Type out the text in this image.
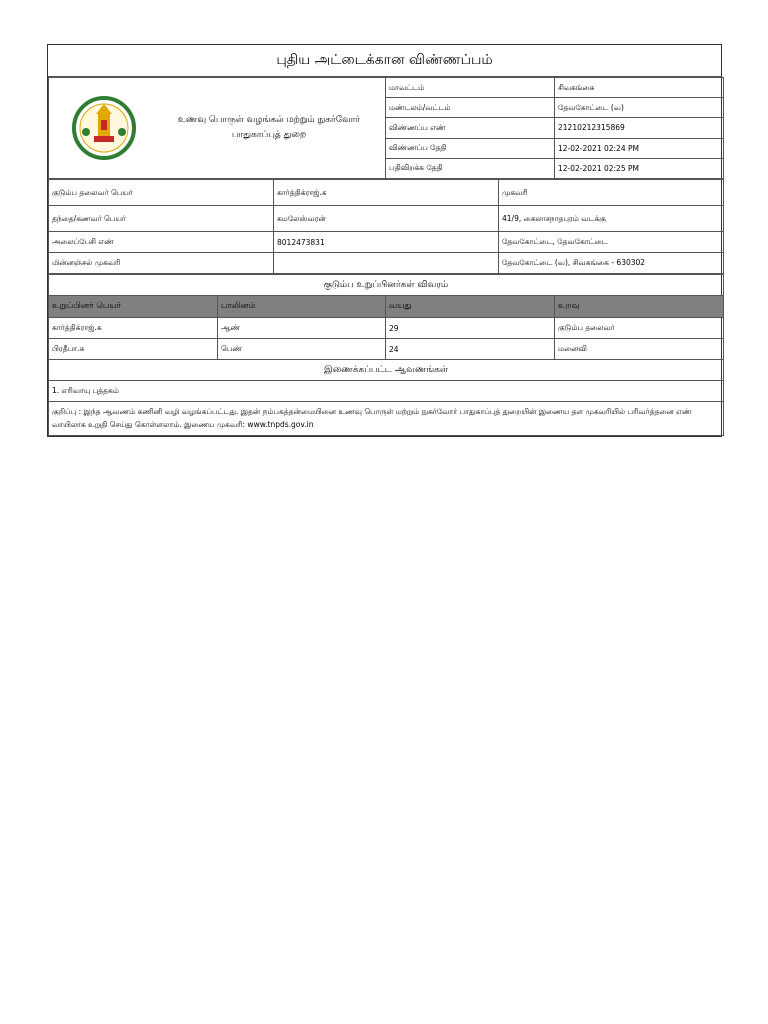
புதிய அட்டைக்கான விண்ணப்பம்
உணவு பொருள் வழங்கல் மற்றும் நுகர்வோர்
பாதுகாப்புத் துறை	மாவட்டம்	சிவகங்கை
	மண்டலம்/வட்டம்	தேவகோட்டை (வ)
	விண்ணப்ப எண்	21210212315869
	விண்ணப்ப தேதி	12-02-2021 02:24 PM
	பதிவிறக்க தேதி	12-02-2021 02:25 PM
குடும்ப தலைவர் பெயர்	கார்த்திக்ராஜ்.க	முகவரி
தந்தை/கணவர் பெயர்	கமலேஸ்வரன்	41/9, கைலாசநாதபுரம் வடக்கு
அலைப்பேசி எண்	8012473831	தேவகோட்டை, தேவகோட்டை
மின்னஞ்சல் முகவரி		தேவகோட்டை (வ), சிவகங்கை - 630302
குடும்ப உறுப்பினர்கள் விவரம்			
உறுப்பினர் பெயர்	பாலினம்	வயது	உறவு
கார்த்திக்ராஜ்.க	ஆண்	29	குடும்ப தலைவர்
பிரதீபா.க	பெண்	24	மனைவி
இணைக்கப்பட்ட ஆவணங்கள்			
1. எரிவாயு புத்தகம்			
குறிப்பு : இந்த ஆவணம் கணினி வழி வழங்கப்பட்டது. இதன் நம்பகத்தன்மையினை உணவு பொருள் மற்றும் நுகர்வோர் பாதுகாப்புத் துறையின் இணைய தள முகவரியில் பரிவர்த்தனை எண் வாயிலாக உறுதி செய்து கொள்ளலாம். இணைய முகவரி: www.tnpds.gov.in			
